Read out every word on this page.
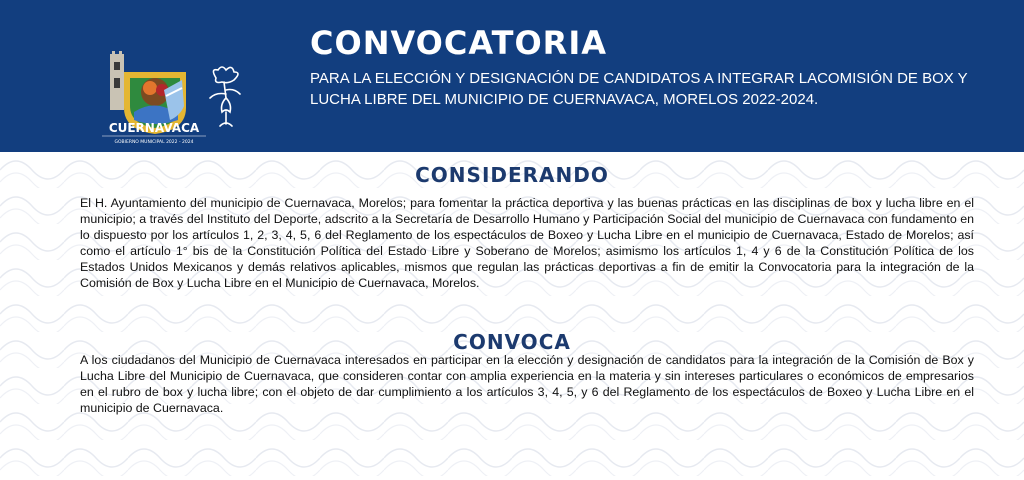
CUERNAVACA
GOBIERNO MUNICIPAL 2022 - 2024
CONVOCATORIA
PARA LA ELECCIÓN Y DESIGNACIÓN DE CANDIDATOS A INTEGRAR LACOMISIÓN DE BOX Y LUCHA LIBRE DEL MUNICIPIO DE CUERNAVACA, MORELOS 2022-2024.
CONSIDERANDO
El H. Ayuntamiento del municipio de Cuernavaca, Morelos; para fomentar la práctica deportiva y las buenas prácticas en las disciplinas de box y lucha libre en el municipio; a través del Instituto del Deporte, adscrito a la Secretaría de Desarrollo Humano y Participación Social del municipio de Cuernavaca con fundamento en lo dispuesto por los artículos 1, 2, 3, 4, 5, 6 del Reglamento de los espectáculos de Boxeo y Lucha Libre en el municipio de Cuernavaca, Estado de Morelos; así como el artículo 1° bis de la Constitución Política del Estado Libre y Soberano de Morelos; asimismo los artículos 1, 4 y 6 de la Constitución Política de los Estados Unidos Mexicanos y demás relativos aplicables, mismos que regulan las prácticas deportivas a fin de emitir la Convocatoria para la integración de la Comisión de Box y Lucha Libre en el Municipio de Cuernavaca, Morelos.
CONVOCA
A los ciudadanos del Municipio de Cuernavaca interesados en participar en la elección y designación de candidatos para la integración de la Comisión de Box y Lucha Libre del Municipio de Cuernavaca, que consideren contar con amplia experiencia en la materia y sin intereses particulares o económicos de empresarios en el rubro de box y lucha libre; con el objeto de dar cumplimiento a los artículos 3, 4, 5, y 6 del Reglamento de los espectáculos de Boxeo y Lucha Libre en el municipio de Cuernavaca.
